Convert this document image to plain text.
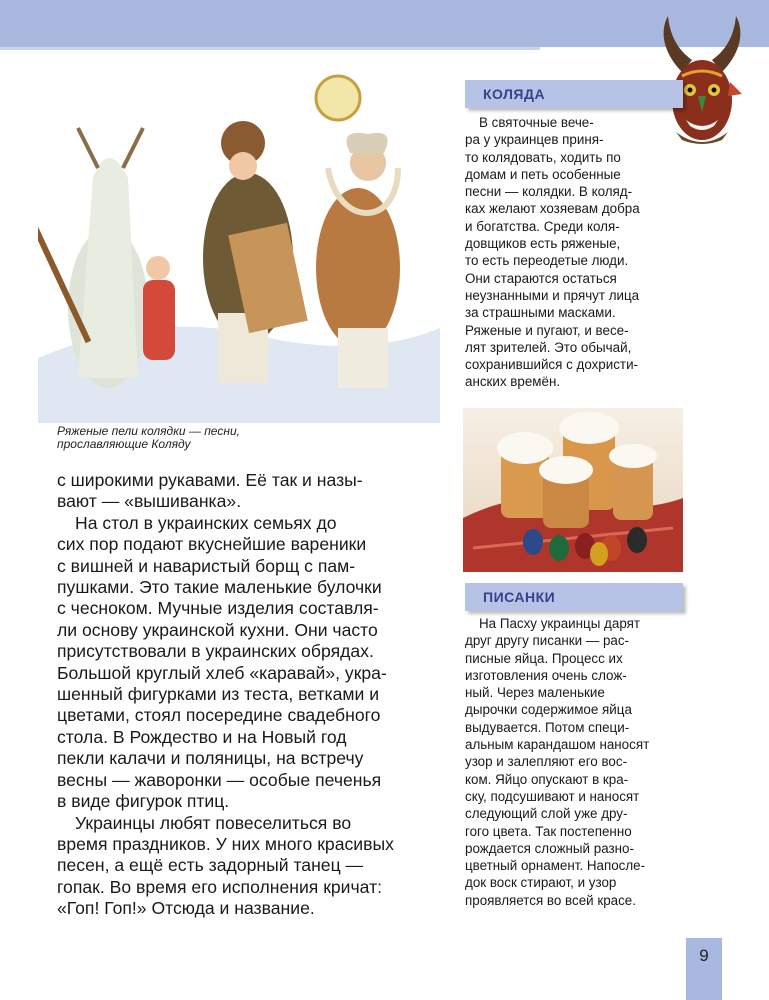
Ряженые пели колядки — песни,
прославляющие Коляду

с широкими рукавами. Её так и назы-

вают — «вышиванка».

На стол в украинских семьях до

сих пор подают вкуснейшие вареники

с вишней и наваристый борщ с пам-

пушками. Это такие маленькие булочки

с чесноком. Мучные изделия составля-

ли основу украинской кухни. Они часто

присутствовали в украинских обрядах.

Большой круглый хлеб «каравай», укра-

шенный фигурками из теста, ветками и

цветами, стоял посередине свадебного

стола. В Рождество и на Новый год

пекли калачи и поляницы, на встречу

весны — жаворонки — особые печенья

в виде фигурок птиц.

Украинцы любят повеселиться во

время праздников. У них много красивых

песен, а ещё есть задорный танец —

гопак. Во время его исполнения кричат:

«Гоп! Гоп!» Отсюда и название.

КОЛЯДА

В святочные вече-

ра у украинцев приня-

то колядовать, ходить по

домам и петь особенные

песни — колядки. В коляд-

ках желают хозяевам добра

и богатства. Среди коля-

довщиков есть ряженые,

то есть переодетые люди.

Они стараются остаться

неузнанными и прячут лица

за страшными масками.

Ряженые и пугают, и весе-

лят зрителей. Это обычай,

сохранившийся с дохристи-

анских времён.

ПИСАНКИ

На Пасху украинцы дарят

друг другу писанки — рас-

писные яйца. Процесс их

изготовления очень слож-

ный. Через маленькие

дырочки содержимое яйца

выдувается. Потом специ-

альным карандашом наносят

узор и залепляют его вос-

ком. Яйцо опускают в кра-

ску, подсушивают и наносят

следующий слой уже дру-

гого цвета. Так постепенно

рождается сложный разно-

цветный орнамент. Напосле-

док воск стирают, и узор

проявляется во всей красе.

9
